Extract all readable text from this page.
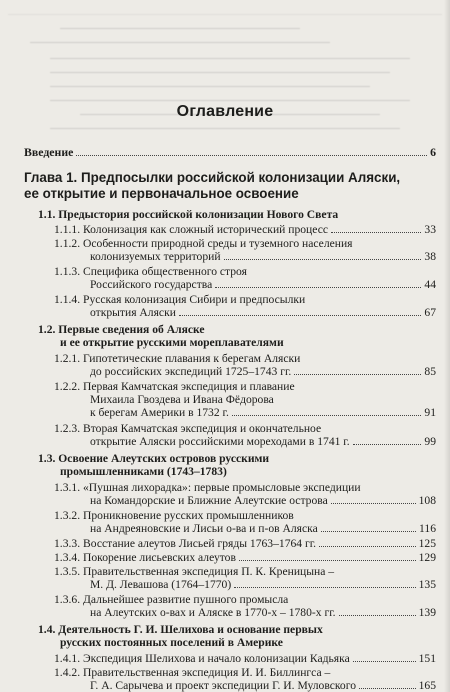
Оглавление
Введение	6
Глава 1. Предпосылки российской колонизации Аляски,
ее открытие и первоначальное освоение
1.1. Предыстория российской колонизации Нового Света
1.1.1. Колонизация как сложный исторический процесс	33
1.1.2. Особенности природной среды и туземного населения
колонизуемых территорий	38
1.1.3. Специфика общественного строя
Российского государства	44
1.1.4. Русская колонизация Сибири и предпосылки
открытия Аляски	67
1.2. Первые сведения об Аляске
и ее открытие русскими мореплавателями
1.2.1. Гипотетические плавания к берегам Аляски
до российских экспедиций 1725–1743 гг.	85
1.2.2. Первая Камчатская экспедиция и плавание
Михаила Гвоздева и Ивана Фёдорова
к берегам Америки в 1732 г.	91
1.2.3. Вторая Камчатская экспедиция и окончательное
открытие Аляски российскими мореходами в 1741 г.	99
1.3. Освоение Алеутских островов русскими
промышленниками (1743–1783)
1.3.1. «Пушная лихорадка»: первые промысловые экспедиции
на Командорские и Ближние Алеутские острова	108
1.3.2. Проникновение русских промышленников
на Андреяновские и Лисьи о-ва и п-ов Аляска	116
1.3.3. Восстание алеутов Лисьей гряды 1763–1764 гг.	125
1.3.4. Покорение лисьевских алеутов	129
1.3.5. Правительственная экспедиция П. К. Креницына –
М. Д. Левашова (1764–1770)	135
1.3.6. Дальнейшее развитие пушного промысла
на Алеутских о-вах и Аляске в 1770-х – 1780-х гг.	139
1.4. Деятельность Г. И. Шелихова и основание первых
русских постоянных поселений в Америке
1.4.1. Экспедиция Шелихова и начало колонизации Кадьяка	151
1.4.2. Правительственная экспедиция И. И. Биллингса –
Г. А. Сарычева и проект экспедиции Г. И. Муловского	165
